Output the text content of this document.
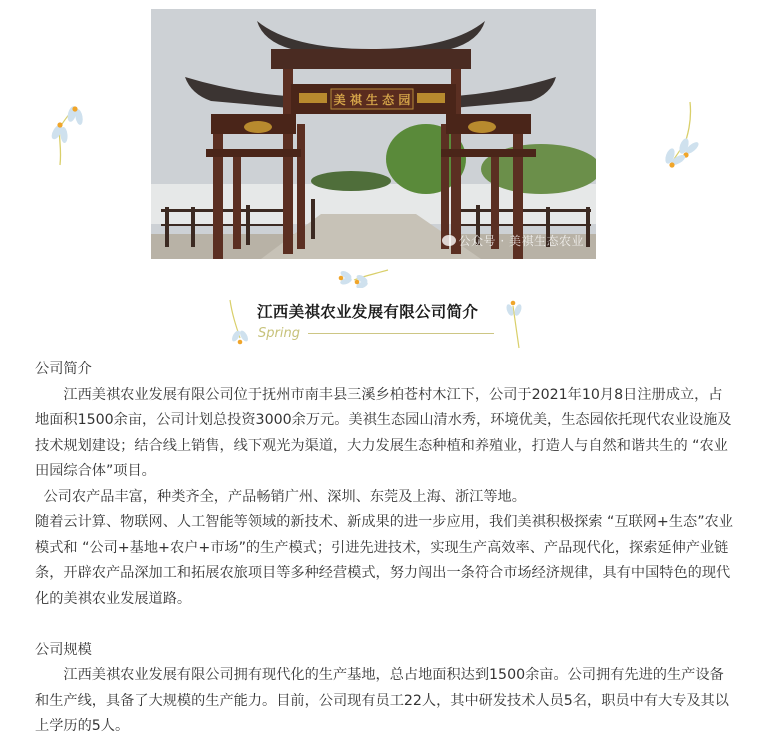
美 祺 生 态 园
公众号 · 美祺生态农业
江西美祺农业发展有限公司简介
Spring

公司简介

江西美祺农业发展有限公司位于抚州市南丰县三溪乡柏苍村木江下，公司于2021年10月8日注册成立，占地面积1500余亩，公司计划总投资3000余万元。美祺生态园山清水秀，环境优美，生态园依托现代农业设施及技术规划建设；结合线上销售，线下观光为渠道，大力发展生态种植和养殖业，打造人与自然和谐共生的 “农业田园综合体”项目。

公司农产品丰富，种类齐全，产品畅销广州、深圳、东莞及上海、浙江等地。

随着云计算、物联网、人工智能等领域的新技术、新成果的进一步应用，我们美祺积极探索 “互联网+生态”农业模式和 “公司+基地+农户+市场”的生产模式；引进先进技术，实现生产高效率、产品现代化，探索延伸产业链条，开辟农产品深加工和拓展农旅项目等多种经营模式，努力闯出一条符合市场经济规律，具有中国特色的现代化的美祺农业发展道路。

公司规模

江西美祺农业发展有限公司拥有现代化的生产基地，总占地面积达到1500余亩。公司拥有先进的生产设备和生产线，具备了大规模的生产能力。目前，公司现有员工22人，其中研发技术人员5名，职员中有大专及其以上学历的5人。
